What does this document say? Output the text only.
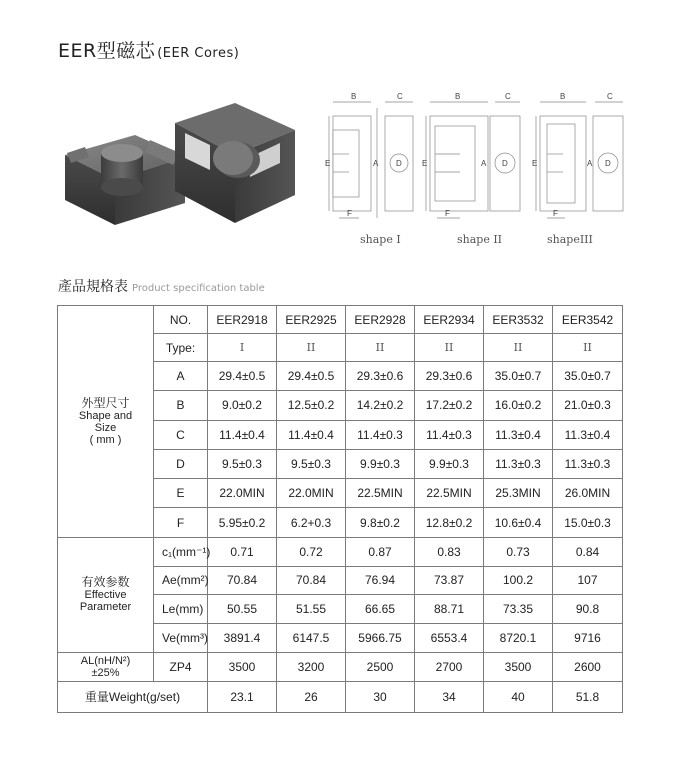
EER型磁芯 (EER Cores)
B	C
E	A D
F
B	C
E	A D
F
B	C
E	A D
F
shape I	shape II	shapeIII
產品規格表 Product specification table
外型尺寸
Shape and
Size
( mm )	NO.	EER2918	EER2925	EER2928	EER2934	EER3532	EER3542
	Type:	I	II	II	II	II	II
	A	29.4±0.5	29.4±0.5	29.3±0.6	29.3±0.6	35.0±0.7	35.0±0.7
	B	9.0±0.2	12.5±0.2	14.2±0.2	17.2±0.2	16.0±0.2	21.0±0.3
	C	11.4±0.4	11.4±0.4	11.4±0.3	11.4±0.3	11.3±0.4	11.3±0.4
	D	9.5±0.3	9.5±0.3	9.9±0.3	9.9±0.3	11.3±0.3	11.3±0.3
	E	22.0MIN	22.0MIN	22.5MIN	22.5MIN	25.3MIN	26.0MIN
	F	5.95±0.2	6.2+0.3	9.8±0.2	12.8±0.2	10.6±0.4	15.0±0.3
有效参数
Effective
Parameter	c₁(mm⁻¹)	0.71	0.72	0.87	0.83	0.73	0.84
	Ae(mm²)	70.84	70.84	76.94	73.87	100.2	107
	Le(mm)	50.55	51.55	66.65	88.71	73.35	90.8
	Ve(mm³)	3891.4	6147.5	5966.75	6553.4	8720.1	9716
AL(nH/N²)
±25%	ZP4	3500	3200	2500	2700	3500	2600
重量Weight(g/set)		23.1	26	30	34	40	51.8
